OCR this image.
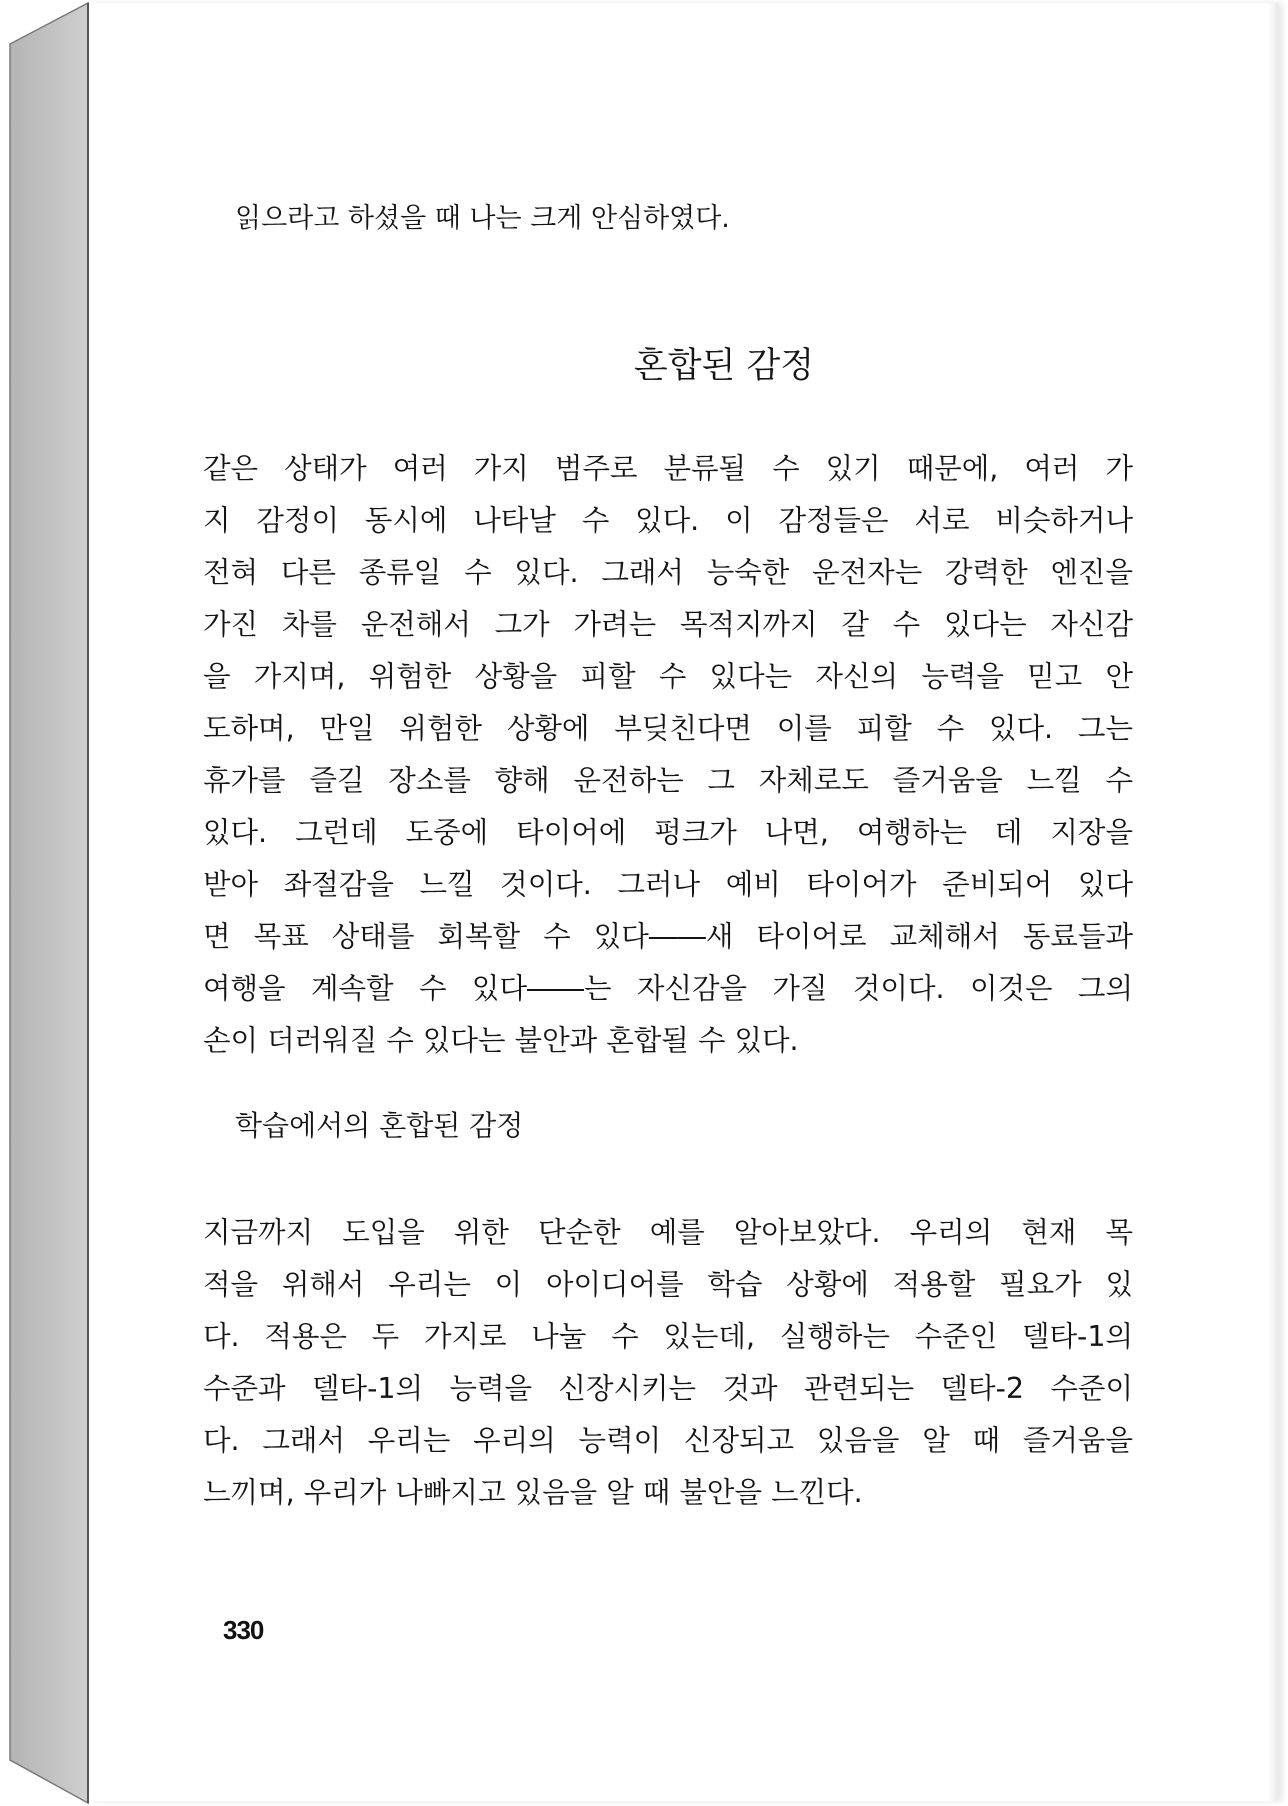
읽으라고 하셨을 때 나는 크게 안심하였다.
혼합된 감정
같은 상태가 여러 가지 범주로 분류될 수 있기 때문에, 여러 가
지 감정이 동시에 나타날 수 있다. 이 감정들은 서로 비슷하거나
전혀 다른 종류일 수 있다. 그래서 능숙한 운전자는 강력한 엔진을
가진 차를 운전해서 그가 가려는 목적지까지 갈 수 있다는 자신감
을 가지며, 위험한 상황을 피할 수 있다는 자신의 능력을 믿고 안
도하며, 만일 위험한 상황에 부딪친다면 이를 피할 수 있다. 그는
휴가를 즐길 장소를 향해 운전하는 그 자체로도 즐거움을 느낄 수
있다. 그런데 도중에 타이어에 펑크가 나면, 여행하는 데 지장을
받아 좌절감을 느낄 것이다. 그러나 예비 타이어가 준비되어 있다
면 목표 상태를 회복할 수 있다――새 타이어로 교체해서 동료들과
여행을 계속할 수 있다――는 자신감을 가질 것이다. 이것은 그의
손이 더러워질 수 있다는 불안과 혼합될 수 있다.
학습에서의 혼합된 감정
지금까지 도입을 위한 단순한 예를 알아보았다. 우리의 현재 목
적을 위해서 우리는 이 아이디어를 학습 상황에 적용할 필요가 있
다. 적용은 두 가지로 나눌 수 있는데, 실행하는 수준인 델타-1의
수준과 델타-1의 능력을 신장시키는 것과 관련되는 델타-2 수준이
다. 그래서 우리는 우리의 능력이 신장되고 있음을 알 때 즐거움을
느끼며, 우리가 나빠지고 있음을 알 때 불안을 느낀다.
330
